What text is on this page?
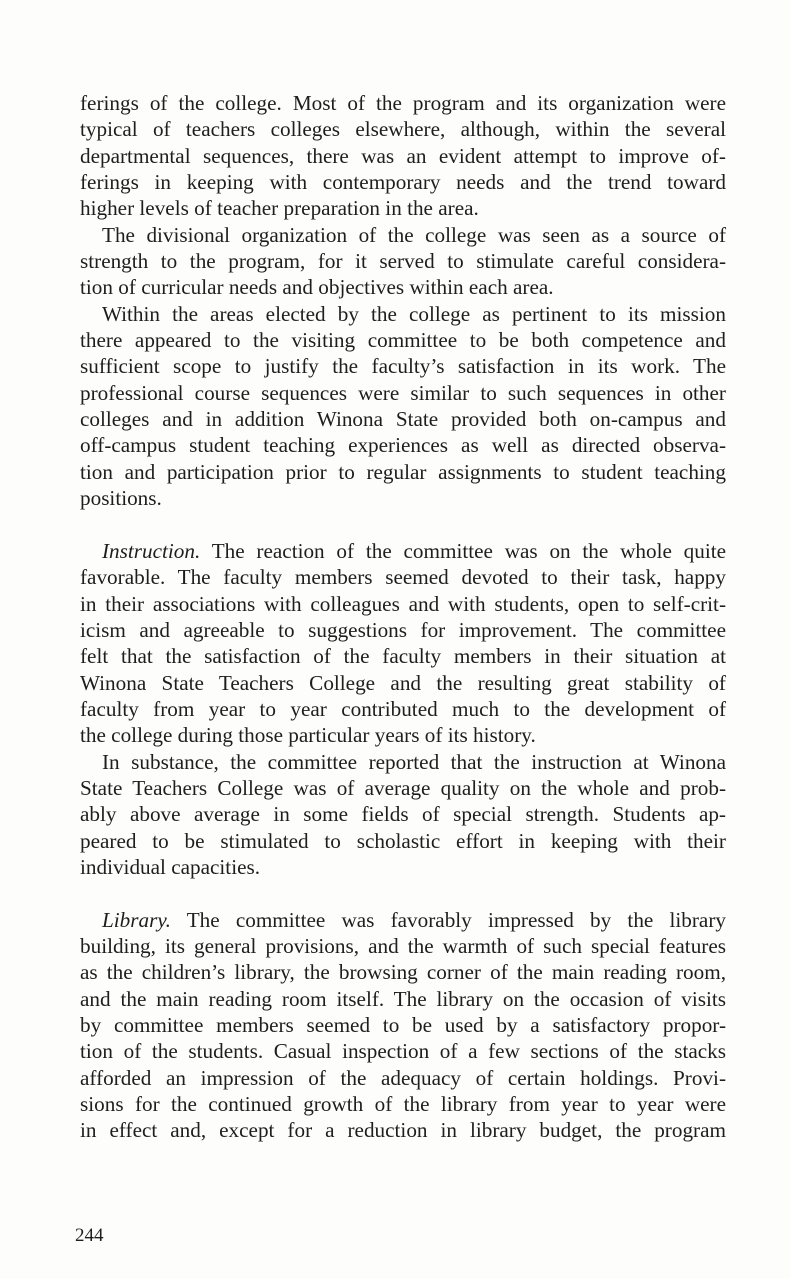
ferings of the college. Most of the program and its organization were
typical of teachers colleges elsewhere, although, within the several
departmental sequences, there was an evident attempt to improve of-
ferings in keeping with contemporary needs and the trend toward
higher levels of teacher preparation in the area.
The divisional organization of the college was seen as a source of
strength to the program, for it served to stimulate careful considera-
tion of curricular needs and objectives within each area.
Within the areas elected by the college as pertinent to its mission
there appeared to the visiting committee to be both competence and
sufficient scope to justify the faculty’s satisfaction in its work. The
professional course sequences were similar to such sequences in other
colleges and in addition Winona State provided both on-campus and
off-campus student teaching experiences as well as directed observa-
tion and participation prior to regular assignments to student teaching
positions.
Instruction. The reaction of the committee was on the whole quite
favorable. The faculty members seemed devoted to their task, happy
in their associations with colleagues and with students, open to self-crit-
icism and agreeable to suggestions for improvement. The committee
felt that the satisfaction of the faculty members in their situation at
Winona State Teachers College and the resulting great stability of
faculty from year to year contributed much to the development of
the college during those particular years of its history.
In substance, the committee reported that the instruction at Winona
State Teachers College was of average quality on the whole and prob-
ably above average in some fields of special strength. Students ap-
peared to be stimulated to scholastic effort in keeping with their
individual capacities.
Library. The committee was favorably impressed by the library
building, its general provisions, and the warmth of such special features
as the children’s library, the browsing corner of the main reading room,
and the main reading room itself. The library on the occasion of visits
by committee members seemed to be used by a satisfactory propor-
tion of the students. Casual inspection of a few sections of the stacks
afforded an impression of the adequacy of certain holdings. Provi-
sions for the continued growth of the library from year to year were
in effect and, except for a reduction in library budget, the program
244
